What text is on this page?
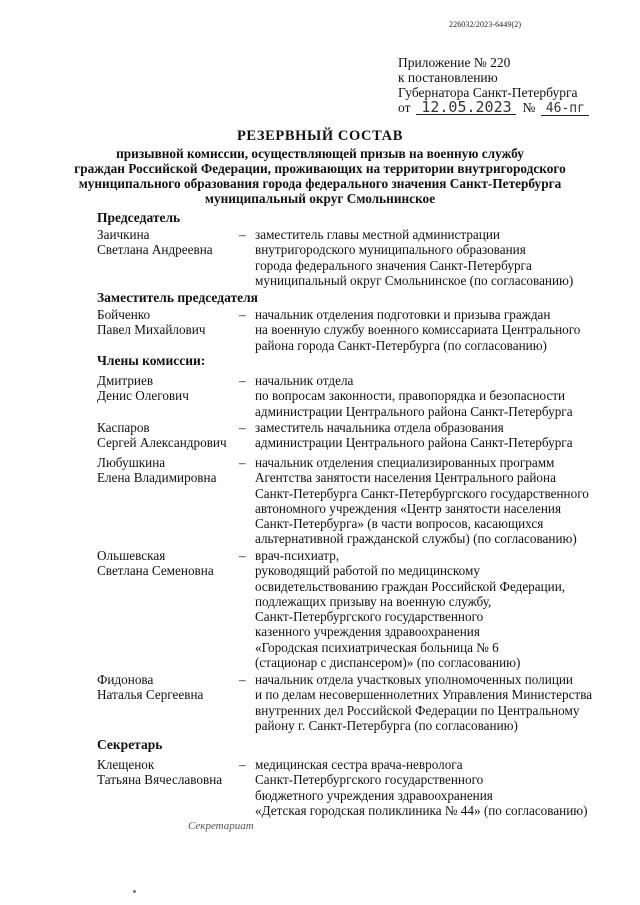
226032/2023-6449(2)
Приложение № 220
к постановлению
Губернатора Санкт-Петербурга
от 12.05.2023 № 46-пг
РЕЗЕРВНЫЙ СОСТАВ
призывной комиссии, осуществляющей призыв на военную службу
граждан Российской Федерации, проживающих на территории внутригородского
муниципального образования города федерального значения Санкт-Петербурга
муниципальный округ Смольнинское
Председатель
Заичкина
Светлана Андреевна
– заместитель главы местной администрации
внутригородского муниципального образования
города федерального значения Санкт-Петербурга
муниципальный округ Смольнинское (по согласованию)
Заместитель председателя
Бойченко
Павел Михайлович
– начальник отделения подготовки и призыва граждан
на военную службу военного комиссариата Центрального
района города Санкт-Петербурга (по согласованию)
Члены комиссии:
Дмитриев
Денис Олегович
– начальник отдела
по вопросам законности, правопорядка и безопасности
администрации Центрального района Санкт-Петербурга
Каспаров
Сергей Александрович
– заместитель начальника отдела образования
администрации Центрального района Санкт-Петербурга
Любушкина
Елена Владимировна
– начальник отделения специализированных программ
Агентства занятости населения Центрального района
Санкт-Петербурга Санкт-Петербургского государственного
автономного учреждения «Центр занятости населения
Санкт-Петербурга» (в части вопросов, касающихся
альтернативной гражданской службы) (по согласованию)
Ольшевская
Светлана Семеновна
– врач-психиатр,
руководящий работой по медицинскому
освидетельствованию граждан Российской Федерации,
подлежащих призыву на военную службу,
Санкт-Петербургского государственного
казенного учреждения здравоохранения
«Городская психиатрическая больница № 6
(стационар с диспансером)» (по согласованию)
Фидонова
Наталья Сергеевна
– начальник отдела участковых уполномоченных полиции
и по делам несовершеннолетних Управления Министерства
внутренних дел Российской Федерации по Центральному
району г. Санкт-Петербурга (по согласованию)
Секретарь
Клещенок
Татьяна Вячеславовна
– медицинская сестра врача-невролога
Санкт-Петербургского государственного
бюджетного учреждения здравоохранения
«Детская городская поликлиника № 44» (по согласованию)
Секретариат
